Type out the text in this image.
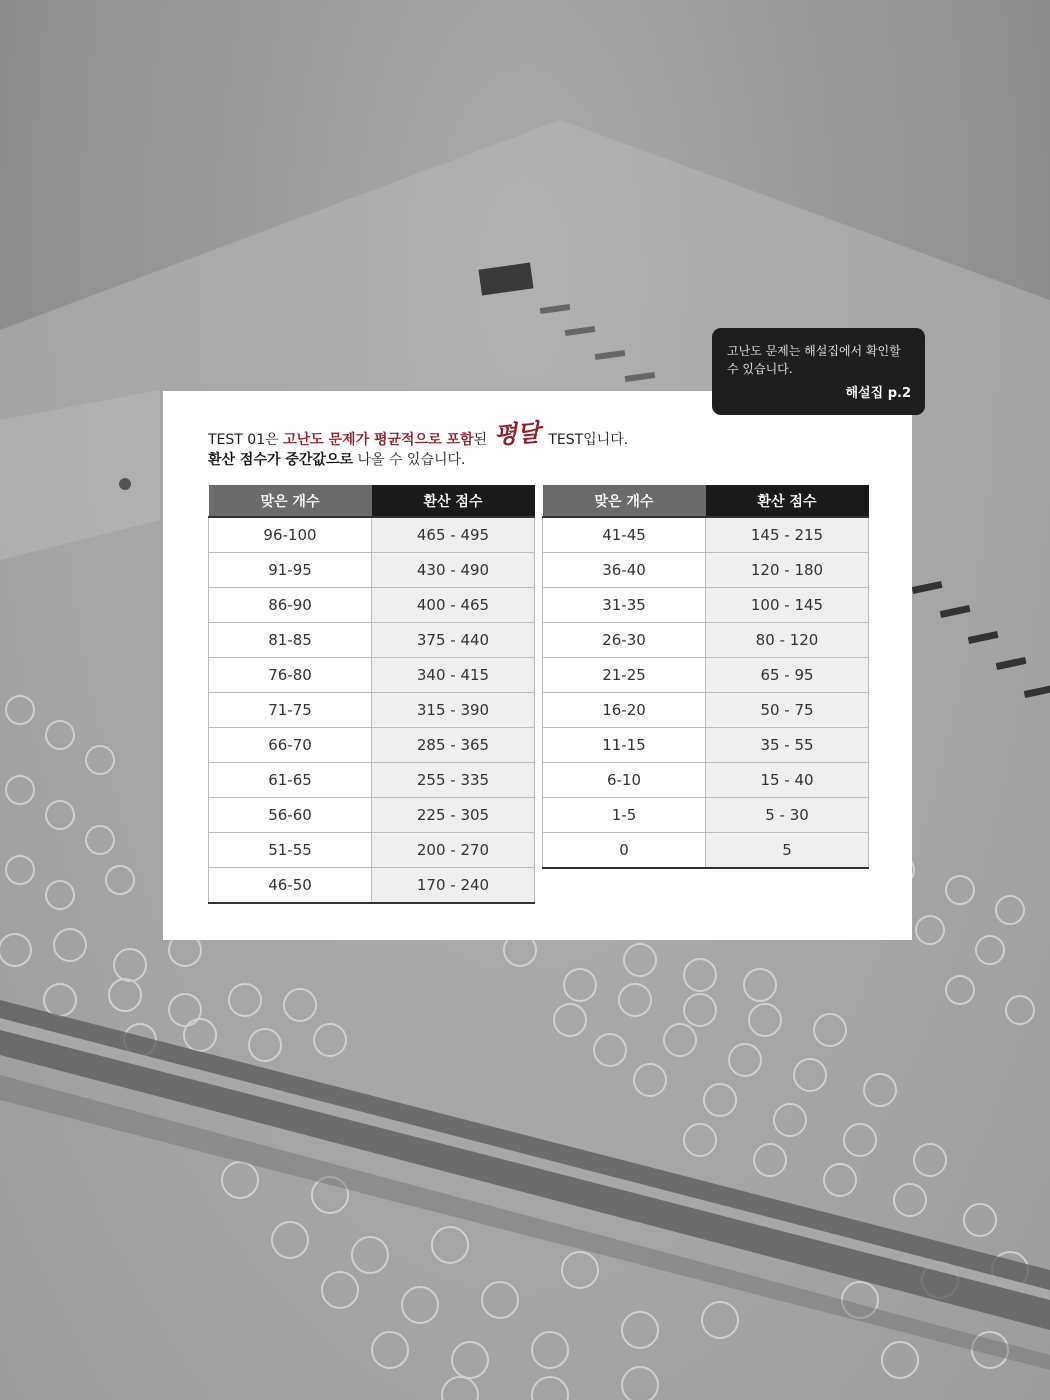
TEST 01은 고난도 문제가 평균적으로 포함된 평달 TEST입니다.
환산 점수가 중간값으로 나올 수 있습니다.
맞은 개수	환산 점수
96-100	465 - 495
91-95	430 - 490
86-90	400 - 465
81-85	375 - 440
76-80	340 - 415
71-75	315 - 390
66-70	285 - 365
61-65	255 - 335
56-60	225 - 305
51-55	200 - 270
46-50	170 - 240
맞은 개수	환산 점수
41-45	145 - 215
36-40	120 - 180
31-35	100 - 145
26-30	80 - 120
21-25	65 - 95
16-20	50 - 75
11-15	35 - 55
6-10	15 - 40
1-5	5 - 30
0	5
고난도 문제는 해설집에서 확인할 수 있습니다.
해설집 p.2
